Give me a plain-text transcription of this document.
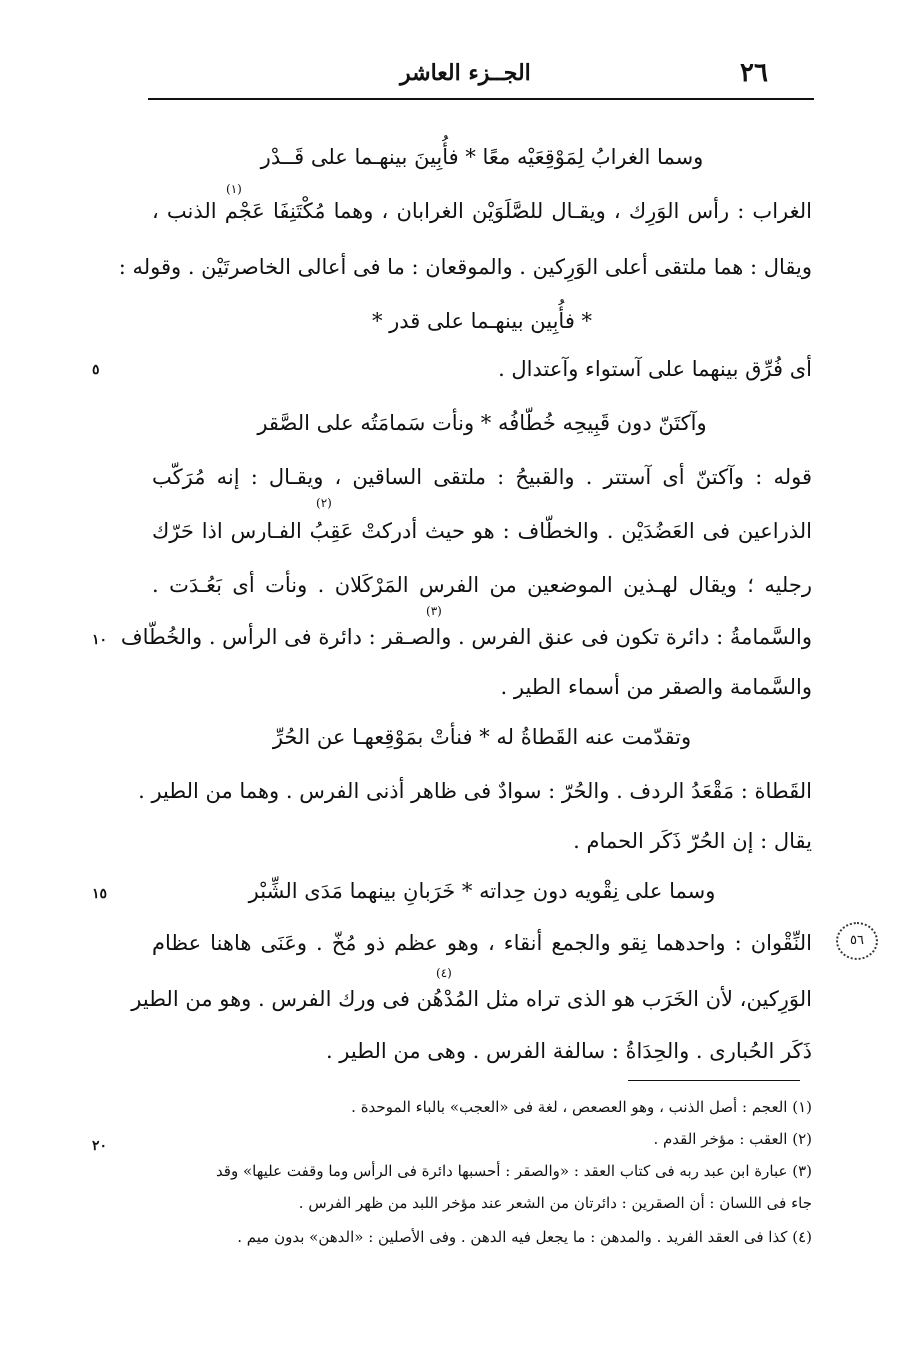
٢٦
الجــزء العاشر
وسما الغرابُ لِمَوْقِعَيْه معًا * فأُبِينَ بينهـما على قَــدْر
الغراب : رأس الوَرِك ، ويقـال للصَّلَوَيْن الغرابان ، وهما مُكْتَنِفَا عَجْم الذنب ،
ويقال : هما ملتقى أعلى الوَرِكين . والموقعان : ما فى أعالى الخاصرتَيْن . وقوله :
* فأُبِين بينهـما على قدر *
أى فُرِّق بينهما على آستواء وآعتدال .
وآكتَنّ دون قَبِيحِه خُطّافُه * ونأت سَمامَتُه على الصَّقر
قوله : وآكتنّ أى آستتر . والقبيحُ : ملتقى الساقين ، ويقـال : إنه مُرَكّب
الذراعين فى العَضُدَيْن . والخطّاف : هو حيث أدركتْ عَقِبُ الفـارس اذا حَرّك
رجليه ؛ ويقال لهـذين الموضعين من الفرس المَرْكَلان . ونأت أى بَعُـدَت .
والسَّمامةُ : دائرة تكون فى عنق الفرس . والصـقر : دائرة فى الرأس . والخُطّاف
والسَّمامة والصقر من أسماء الطير .
وتقدّمت عنه القَطاةُ له * فنأتْ بمَوْقِعهـا عن الحُرِّ
القَطاة : مَقْعَدُ الردف . والحُرّ : سوادٌ فى ظاهر أذنى الفرس . وهما من الطير .
يقال : إن الحُرّ ذَكَر الحمام .
وسما على نِقْويه دون حِداته * خَرَبانِ بينهما مَدَى الشِّبْر
النِّقْوان : واحدهما نِقو والجمع أنقاء ، وهو عظم ذو مُخّ . وعَنَى هاهنا عظام
الوَرِكين، لأن الخَرَب هو الذى تراه مثل المُدْهُن فى ورك الفرس . وهو من الطير
ذَكَر الحُبارى . والحِدَاةُ : سالفة الفرس . وهى من الطير .
(١)
(٢)
(٣)
(٤)
٥
١٠
١٥
٢٠
٥٦
(١) العجم : أصل الذنب ، وهو العصعص ، لغة فى «العجب» بالباء الموحدة .
(٢) العقب : مؤخر القدم .
(٣) عبارة ابن عبد ربه فى كتاب العقد : «والصقر : أحسبها دائرة فى الرأس وما وقفت عليها» وقد
جاء فى اللسان : أن الصقرين : دائرتان من الشعر عند مؤخر اللبد من ظهر الفرس .
(٤) كذا فى العقد الفريد . والمدهن : ما يجعل فيه الدهن . وفى الأصلين : «الدهن» بدون ميم .
